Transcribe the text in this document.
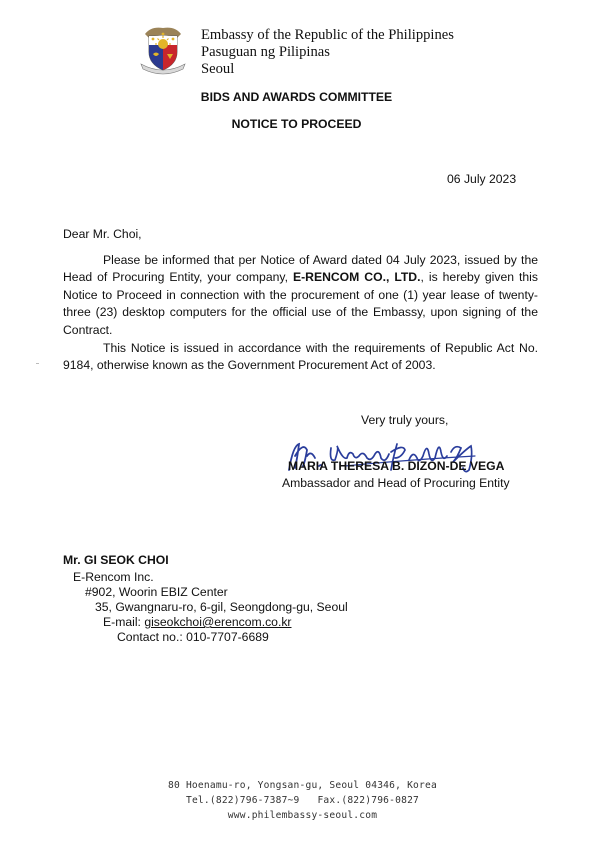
Embassy of the Republic of the Philippines
Pasuguan ng Pilipinas
Seoul
BIDS AND AWARDS COMMITTEE
NOTICE TO PROCEED
06 July 2023
Dear Mr. Choi,
Please be informed that per Notice of Award dated 04 July 2023, issued by the Head of Procuring Entity, your company, E-RENCOM CO., LTD., is hereby given this Notice to Proceed in connection with the procurement of one (1) year lease of twenty-three (23) desktop computers for the official use of the Embassy, upon signing of the Contract.
This Notice is issued in accordance with the requirements of Republic Act No. 9184, otherwise known as the Government Procurement Act of 2003.
Very truly yours,
MARIA THERESA B. DIZON-DE VEGA
Ambassador and Head of Procuring Entity
Mr. GI SEOK CHOI
E-Rencom Inc.
#902, Woorin EBIZ Center
35, Gwangnaru-ro, 6-gil, Seongdong-gu, Seoul
E-mail: giseokchoi@erencom.co.kr
Contact no.: 010-7707-6689
80 Hoenamu-ro, Yongsan-gu, Seoul 04346, Korea
Tel.(822)796-7387~9   Fax.(822)796-0827
www.philembassy-seoul.com
